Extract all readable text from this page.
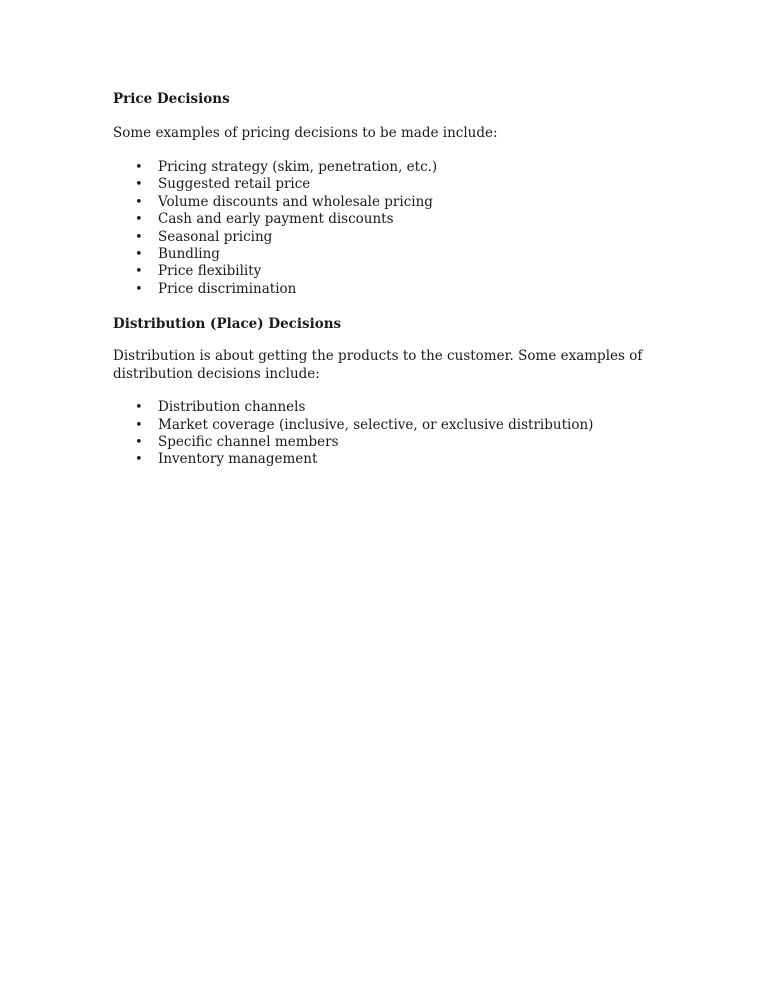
Price Decisions

Some examples of pricing decisions to be made include:

• Pricing strategy (skim, penetration, etc.)
• Suggested retail price
• Volume discounts and wholesale pricing
• Cash and early payment discounts
• Seasonal pricing
• Bundling
• Price flexibility
• Price discrimination

Distribution (Place) Decisions

Distribution is about getting the products to the customer. Some examples of distribution decisions include:

• Distribution channels
• Market coverage (inclusive, selective, or exclusive distribution)
• Specific channel members
• Inventory management
